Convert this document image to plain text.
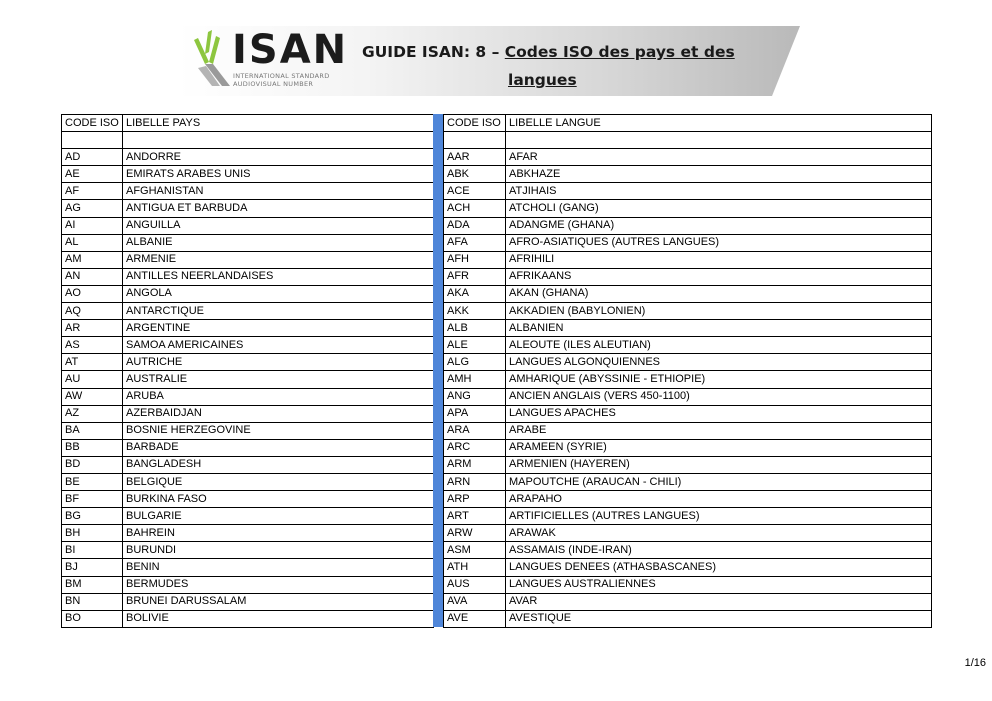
ISAN
INTERNATIONAL STANDARD
AUDIOVISUAL NUMBER
GUIDE ISAN: 8 – Codes ISO des pays et des
langues
CODE ISO	LIBELLE PAYS

AD	ANDORRE
AE	EMIRATS ARABES UNIS
AF	AFGHANISTAN
AG	ANTIGUA ET BARBUDA
AI	ANGUILLA
AL	ALBANIE
AM	ARMENIE
AN	ANTILLES NEERLANDAISES
AO	ANGOLA
AQ	ANTARCTIQUE
AR	ARGENTINE
AS	SAMOA AMERICAINES
AT	AUTRICHE
AU	AUSTRALIE
AW	ARUBA
AZ	AZERBAIDJAN
BA	BOSNIE HERZEGOVINE
BB	BARBADE
BD	BANGLADESH
BE	BELGIQUE
BF	BURKINA FASO
BG	BULGARIE
BH	BAHREIN
BI	BURUNDI
BJ	BENIN
BM	BERMUDES
BN	BRUNEI DARUSSALAM
BO	BOLIVIE
CODE ISO	LIBELLE LANGUE

AAR	AFAR
ABK	ABKHAZE
ACE	ATJIHAIS
ACH	ATCHOLI (GANG)
ADA	ADANGME (GHANA)
AFA	AFRO-ASIATIQUES (AUTRES LANGUES)
AFH	AFRIHILI
AFR	AFRIKAANS
AKA	AKAN (GHANA)
AKK	AKKADIEN (BABYLONIEN)
ALB	ALBANIEN
ALE	ALEOUTE (ILES ALEUTIAN)
ALG	LANGUES ALGONQUIENNES
AMH	AMHARIQUE (ABYSSINIE - ETHIOPIE)
ANG	ANCIEN ANGLAIS (VERS 450-1100)
APA	LANGUES APACHES
ARA	ARABE
ARC	ARAMEEN (SYRIE)
ARM	ARMENIEN (HAYEREN)
ARN	MAPOUTCHE (ARAUCAN - CHILI)
ARP	ARAPAHO
ART	ARTIFICIELLES (AUTRES LANGUES)
ARW	ARAWAK
ASM	ASSAMAIS (INDE-IRAN)
ATH	LANGUES DENEES (ATHASBASCANES)
AUS	LANGUES AUSTRALIENNES
AVA	AVAR
AVE	AVESTIQUE
1/16
